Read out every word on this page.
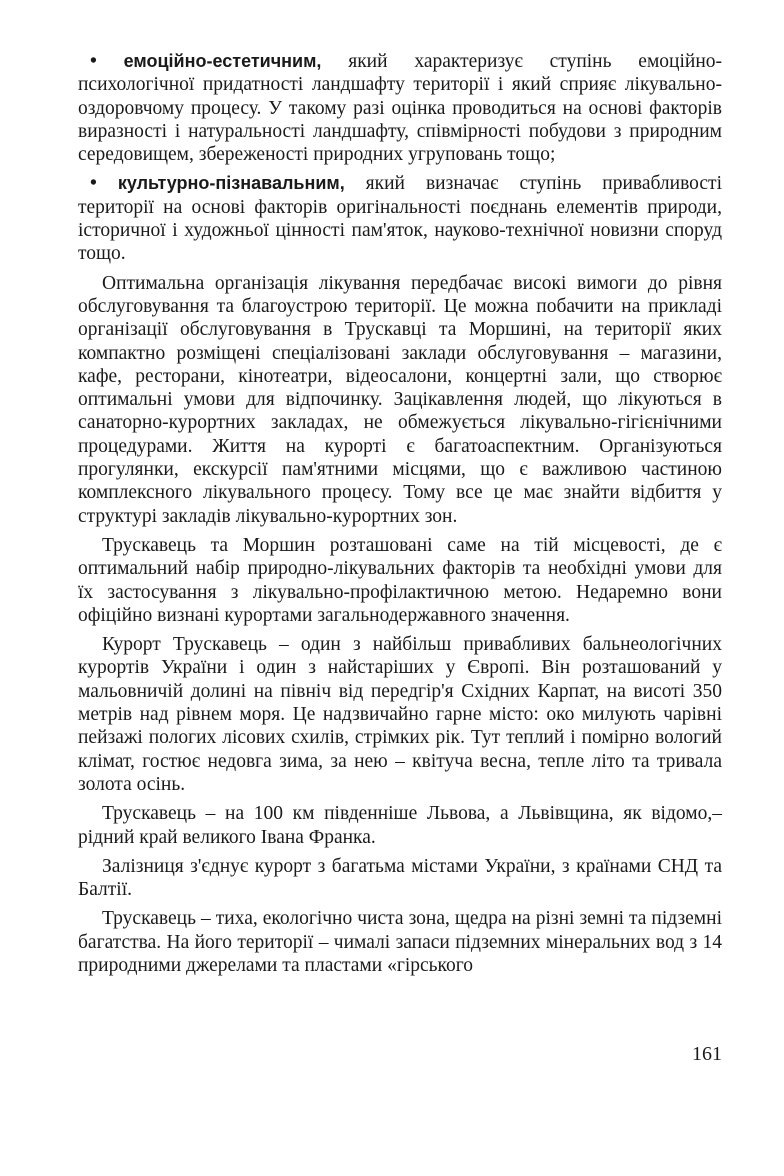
• емоційно-естетичним, який характеризує ступінь емоційно-психологічної придатності ландшафту території і який сприяє лікувально-оздоровчому процесу. У такому разі оцінка проводиться на основі факторів виразності і натуральності ландшафту, співмірності побудови з природним середовищем, збереженості природних угруповань тощо;

• культурно-пізнавальним, який визначає ступінь привабливості території на основі факторів оригінальності поєднань елементів природи, історичної і художньої цінності пам'яток, науково-технічної новизни споруд тощо.

Оптимальна організація лікування передбачає високі вимоги до рівня обслуговування та благоустрою території. Це можна побачити на прикладі організації обслуговування в Трускавці та Моршині, на території яких компактно розміщені спеціалізовані заклади обслуговування – магазини, кафе, ресторани, кінотеатри, відеосалони, концертні зали, що створює оптимальні умови для відпочинку. Зацікавлення людей, що лікуються в санаторно-курортних закладах, не обмежується лікувально-гігієнічними процедурами. Життя на курорті є багатоаспектним. Організуються прогулянки, екскурсії пам'ятними місцями, що є важливою частиною комплексного лікувального процесу. Тому все це має знайти відбиття у структурі закладів лікувально-курортних зон.

Трускавець та Моршин розташовані саме на тій місцевості, де є оптимальний набір природно-лікувальних факторів та необхідні умови для їх застосування з лікувально-профілактичною метою. Недаремно вони офіційно визнані курортами загальнодержавного значення.

Курорт Трускавець – один з найбільш привабливих бальнеологічних курортів України і один з найстаріших у Європі. Він розташований у мальовничій долині на північ від передгір'я Східних Карпат, на висоті 350 метрів над рівнем моря. Це надзвичайно гарне місто: око милують чарівні пейзажі пологих лісових схилів, стрімких рік. Тут теплий і помірно вологий клімат, гостює недовга зима, за нею – квітуча весна, тепле літо та тривала золота осінь.

Трускавець – на 100 км південніше Львова, а Львівщина, як відомо,– рідний край великого Івана Франка.

Залізниця з'єднує курорт з багатьма містами України, з країнами СНД та Балтії.

Трускавець – тиха, екологічно чиста зона, щедра на різні земні та підземні багатства. На його території – чималі запаси підземних мінеральних вод з 14 природними джерелами та пластами «гірського

161
